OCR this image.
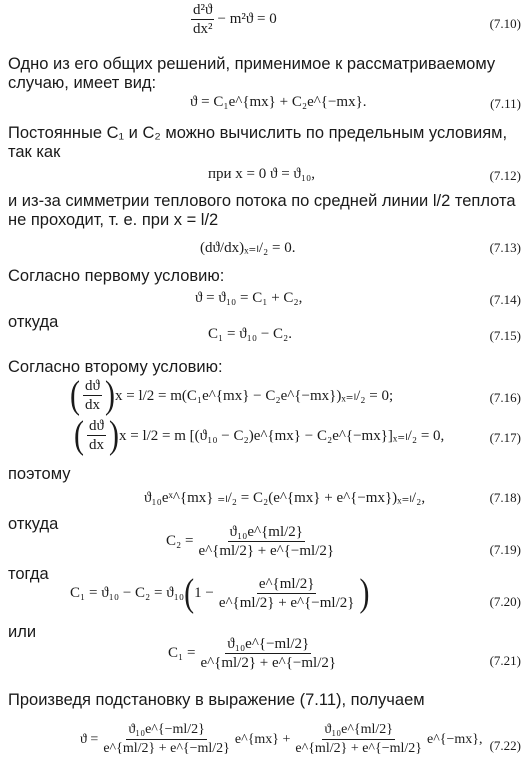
$\frac{\text{d²ϑ}}{\text{dx²}} - m^2ϑ = 0$	(7.10)
Одно из его общих решений, применимое к рассматриваемому
случаю, имеет вид:
ϑ = C₁e^{mx} + C₂e^{−mx}.	(7.11)
Постоянные C₁ и C₂ можно вычислить по предельным условиям,
так как
при x = 0 ϑ = ϑ₁₀,	(7.12)
и из-за симметрии теплового потока по средней линии l/2 теплота
не проходит, т. е. при x = l/2
(dϑ/dx)ₓ₌ₗ/₂ = 0.	(7.13)
Согласно первому условию:
ϑ = ϑ₁₀ = C₁ + C₂,	(7.14)
откуда
C₁ = ϑ₁₀ − C₂.	(7.15)
Согласно второму условию:
( $\frac{dϑ}{dx}$ ) x = l/2 = m(C₁e^{mx} − C₂e^{−mx})ₓ₌ₗ/₂ = 0;	(7.16)
( $\frac{dϑ}{dx}$ ) x = l/2 = m [(ϑ₁₀ − C₂)e^{mx} − C₂e^{−mx}]ₓ₌ₗ/₂ = 0,	(7.17)
поэтому
ϑ₁₀eˣ^{mx} ₌ₗ/₂ = C₂(e^{mx} + e^{−mx})ₓ₌ₗ/₂,	(7.18)
откуда
$C_2 = \frac{\text{ϑ₁₀e\textasciicircum{}\{ml/2\}}}{e\^{}\{ml/2\} + e\^{}\{-ml/2\}}$	(7.19)
тогда
C₁ = ϑ₁₀ − C₂ = ϑ₁₀ ( $1 - \frac{e\^{}\{ml/2\}}{e\^{}\{ml/2\} + e\^{}\{-ml/2\}}$ )	(7.20)
или
$C_1 = \frac{\text{ϑ₁₀e\textasciicircum{}\{−ml/2\}}}{e\^{}\{ml/2\} + e\^{}\{-ml/2\}}$	(7.21)
Произведя подстановку в выражение (7.11), получаем
$ϑ = \frac{\text{ϑ₁₀e\textasciicircum{}\{−ml/2\}}}{e\^{}\{ml/2\} + e\^{}\{-ml/2\}}$ e^{mx} + $\frac{\text{ϑ₁₀e\textasciicircum{}\{ml/2\}}}{e\^{}\{ml/2\} + e\^{}\{-ml/2\}}$ e^{−mx}, (7.22)
